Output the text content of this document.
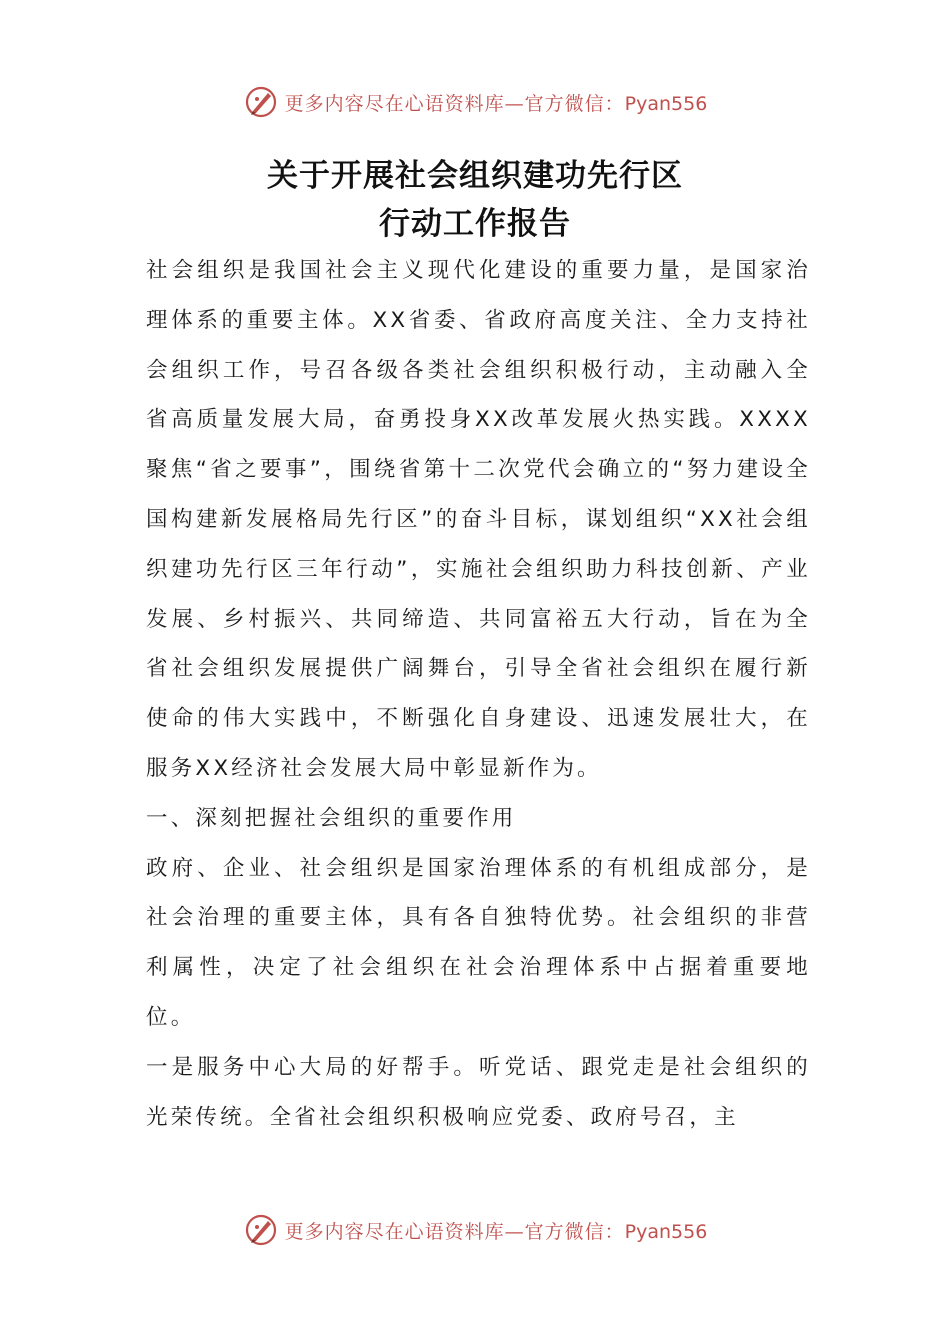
更多内容尽在心语资料库—官方微信：Pyan556
关于开展社会组织建功先行区
行动工作报告

社会组织是我国社会主义现代化建设的重要力量，是国家治理体系的重要主体。XX省委、省政府高度关注、全力支持社会组织工作，号召各级各类社会组织积极行动，主动融入全省高质量发展大局，奋勇投身XX改革发展火热实践。XXXX聚焦“省之要事”，围绕省第十二次党代会确立的“努力建设全国构建新发展格局先行区”的奋斗目标，谋划组织“XX社会组织建功先行区三年行动”，实施社会组织助力科技创新、产业发展、乡村振兴、共同缔造、共同富裕五大行动，旨在为全省社会组织发展提供广阔舞台，引导全省社会组织在履行新使命的伟大实践中，不断强化自身建设、迅速发展壮大，在服务XX经济社会发展大局中彰显新作为。

一、深刻把握社会组织的重要作用

政府、企业、社会组织是国家治理体系的有机组成部分，是社会治理的重要主体，具有各自独特优势。社会组织的非营利属性，决定了社会组织在社会治理体系中占据着重要地位。

一是服务中心大局的好帮手。听党话、跟党走是社会组织的光荣传统。全省社会组织积极响应党委、政府号召，主

更多内容尽在心语资料库—官方微信：Pyan556
